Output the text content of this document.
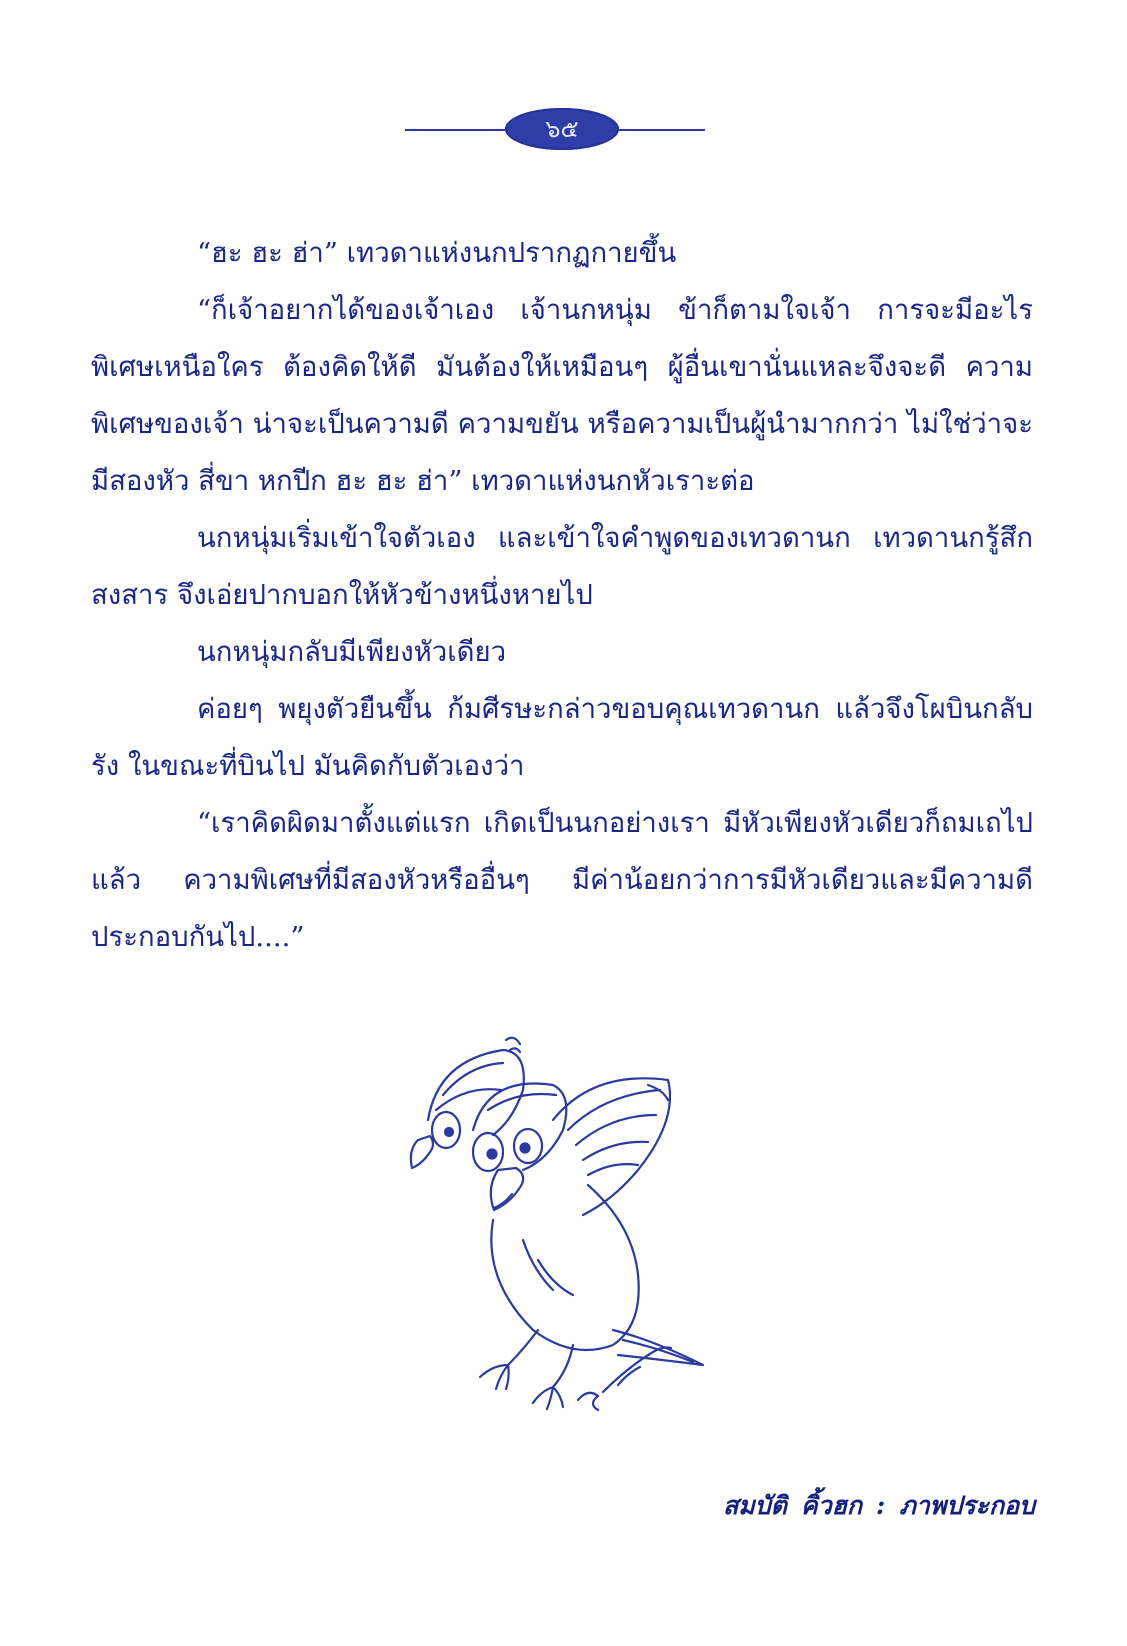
๖๕

“ฮะ ฮะ ฮ่า” เทวดาแห่งนกปรากฏกายขึ้น

“ก็เจ้าอยากได้ของเจ้าเอง เจ้านกหนุ่ม ข้าก็ตามใจเจ้า การจะมีอะไรพิเศษเหนือใคร ต้องคิดให้ดี มันต้องให้เหมือนๆ ผู้อื่นเขานั่นแหละจึงจะดี ความพิเศษของเจ้า น่าจะเป็นความดี ความขยัน หรือความเป็นผู้นำมากกว่า ไม่ใช่ว่าจะมีสองหัว สี่ขา หกปีก ฮะ ฮะ ฮ่า” เทวดาแห่งนกหัวเราะต่อ

นกหนุ่มเริ่มเข้าใจตัวเอง และเข้าใจคำพูดของเทวดานก เทวดานกรู้สึกสงสาร จึงเอ่ยปากบอกให้หัวข้างหนึ่งหายไป

นกหนุ่มกลับมีเพียงหัวเดียว

ค่อยๆ พยุงตัวยืนขึ้น ก้มศีรษะกล่าวขอบคุณเทวดานก แล้วจึงโผบินกลับรัง ในขณะที่บินไป มันคิดกับตัวเองว่า

“เราคิดผิดมาตั้งแต่แรก เกิดเป็นนกอย่างเรา มีหัวเพียงหัวเดียวก็ถมเถไปแล้ว ความพิเศษที่มีสองหัวหรืออื่นๆ มีค่าน้อยกว่าการมีหัวเดียวและมีความดีประกอบกันไป....”

สมบัติ คิ้วฮก : ภาพประกอบ
